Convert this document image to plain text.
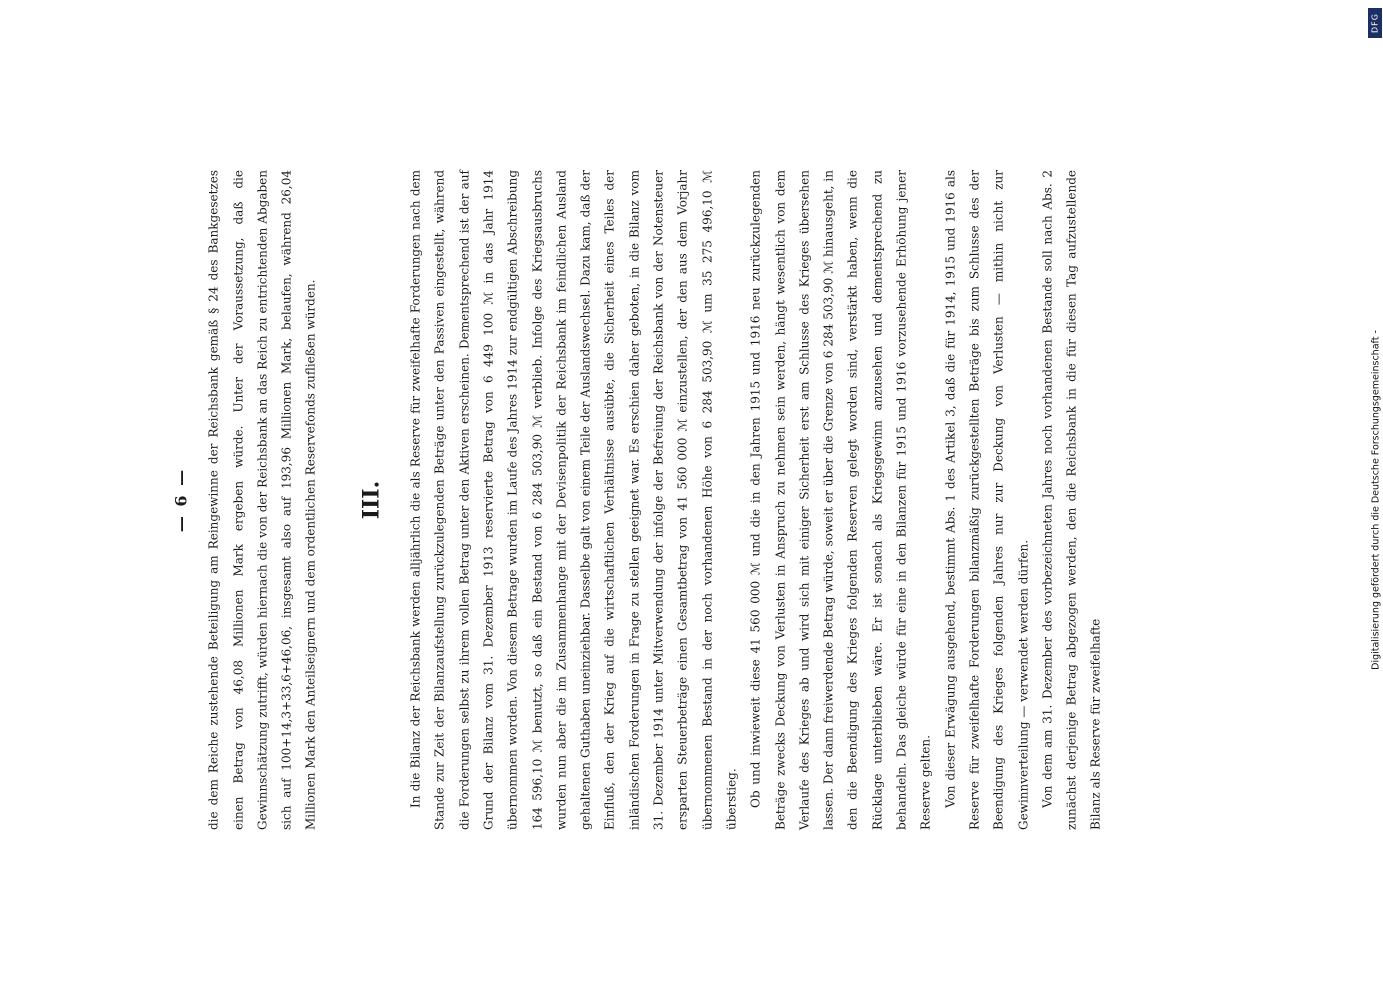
— 6 —	die dem Reiche zustehende Beteiligung am Reingewinne der Reichsbank gemäß § 24 des Bankgesetzes einen Betrag von 46,08 Millionen Mark ergeben würde. Unter der Voraussetzung, daß die Gewinnschätzung zutrifft, würden hiernach die von der Reichsbank an das Reich zu entrichtenden Abgaben sich auf 100+14,3+33,6+46,06, insgesamt also auf 193,96 Millionen Mark, belaufen, während 26,04 Millionen Mark den Anteilseignern und dem ordentlichen Reservefonds zufließen würden. III.	In die Bilanz der Reichsbank werden alljährlich die als Reserve für zweifelhafte Forderungen nach dem Stande zur Zeit der Bilanzaufstellung zurückzulegenden Beträge unter den Passiven eingestellt, während die Forderungen selbst zu ihrem vollen Betrag unter den Aktiven erscheinen. Dementsprechend ist der auf Grund der Bilanz vom 31. Dezember 1913 reservierte Betrag von 6 449 100 ℳ in das Jahr 1914 übernommen worden. Von diesem Betrage wurden im Laufe des Jahres 1914 zur endgültigen Abschreibung 164 596,10 ℳ benutzt, so daß ein Bestand von 6 284 503,90 ℳ verblieb. Infolge des Kriegsausbruchs wurden nun aber die im Zusammenhange mit der Devisenpolitik der Reichsbank im feindlichen Ausland gehaltenen Guthaben uneinziehbar. Dasselbe galt von einem Teile der Auslandswechsel. Dazu kam, daß der Einfluß, den der Krieg auf die wirtschaftlichen Verhältnisse ausübte, die Sicherheit eines Teiles der inländischen Forderungen in Frage zu stellen geeignet war. Es erschien daher geboten, in die Bilanz vom 31. Dezember 1914 unter Mitverwendung der infolge der Befreiung der Reichsbank von der Notensteuer ersparten Steuerbeträge einen Gesamtbetrag von 41 560 000 ℳ einzustellen, der den aus dem Vorjahr übernommenen Bestand in der noch vorhandenen Höhe von 6 284 503,90 ℳ um 35 275 496,10 ℳ überstieg. Ob und inwieweit diese 41 560 000 ℳ und die in den Jahren 1915 und 1916 neu zurückzulegenden Beträge zwecks Deckung von Verlusten in Anspruch zu nehmen sein werden, hängt wesentlich von dem Verlaufe des Krieges ab und wird sich mit einiger Sicherheit erst am Schlusse des Krieges übersehen lassen. Der dann freiwerdende Betrag würde, soweit er über die Grenze von 6 284 503,90 ℳ hinausgeht, in den die Beendigung des Krieges folgenden Reserven gelegt worden sind, verstärkt haben, wenn die Rücklage unterblieben wäre. Er ist sonach als Kriegsgewinn anzusehen und dementsprechend zu behandeln. Das gleiche würde für eine in den Bilanzen für 1915 und 1916 vorzusehende Erhöhung jener Reserve gelten. Von dieser Erwägung ausgehend, bestimmt Abs. 1 des Artikel 3, daß die für 1914, 1915 und 1916 als Reserve für zweifelhafte Forderungen bilanzmäßig zurückgestellten Beträge bis zum Schlusse des der Beendigung des Krieges folgenden Jahres nur zur Deckung von Verlusten — mithin nicht zur Gewinnverteilung — verwendet werden dürfen. Von dem am 31. Dezember des vorbezeichneten Jahres noch vorhandenen Bestande soll nach Abs. 2 zunächst derjenige Betrag abgezogen werden, den die Reichsbank in die für diesen Tag aufzustellende Bilanz als Reserve für zweifelhafte

DFG
Digitalisierung gefördert durch die Deutsche Forschungsgemeinschaft -
